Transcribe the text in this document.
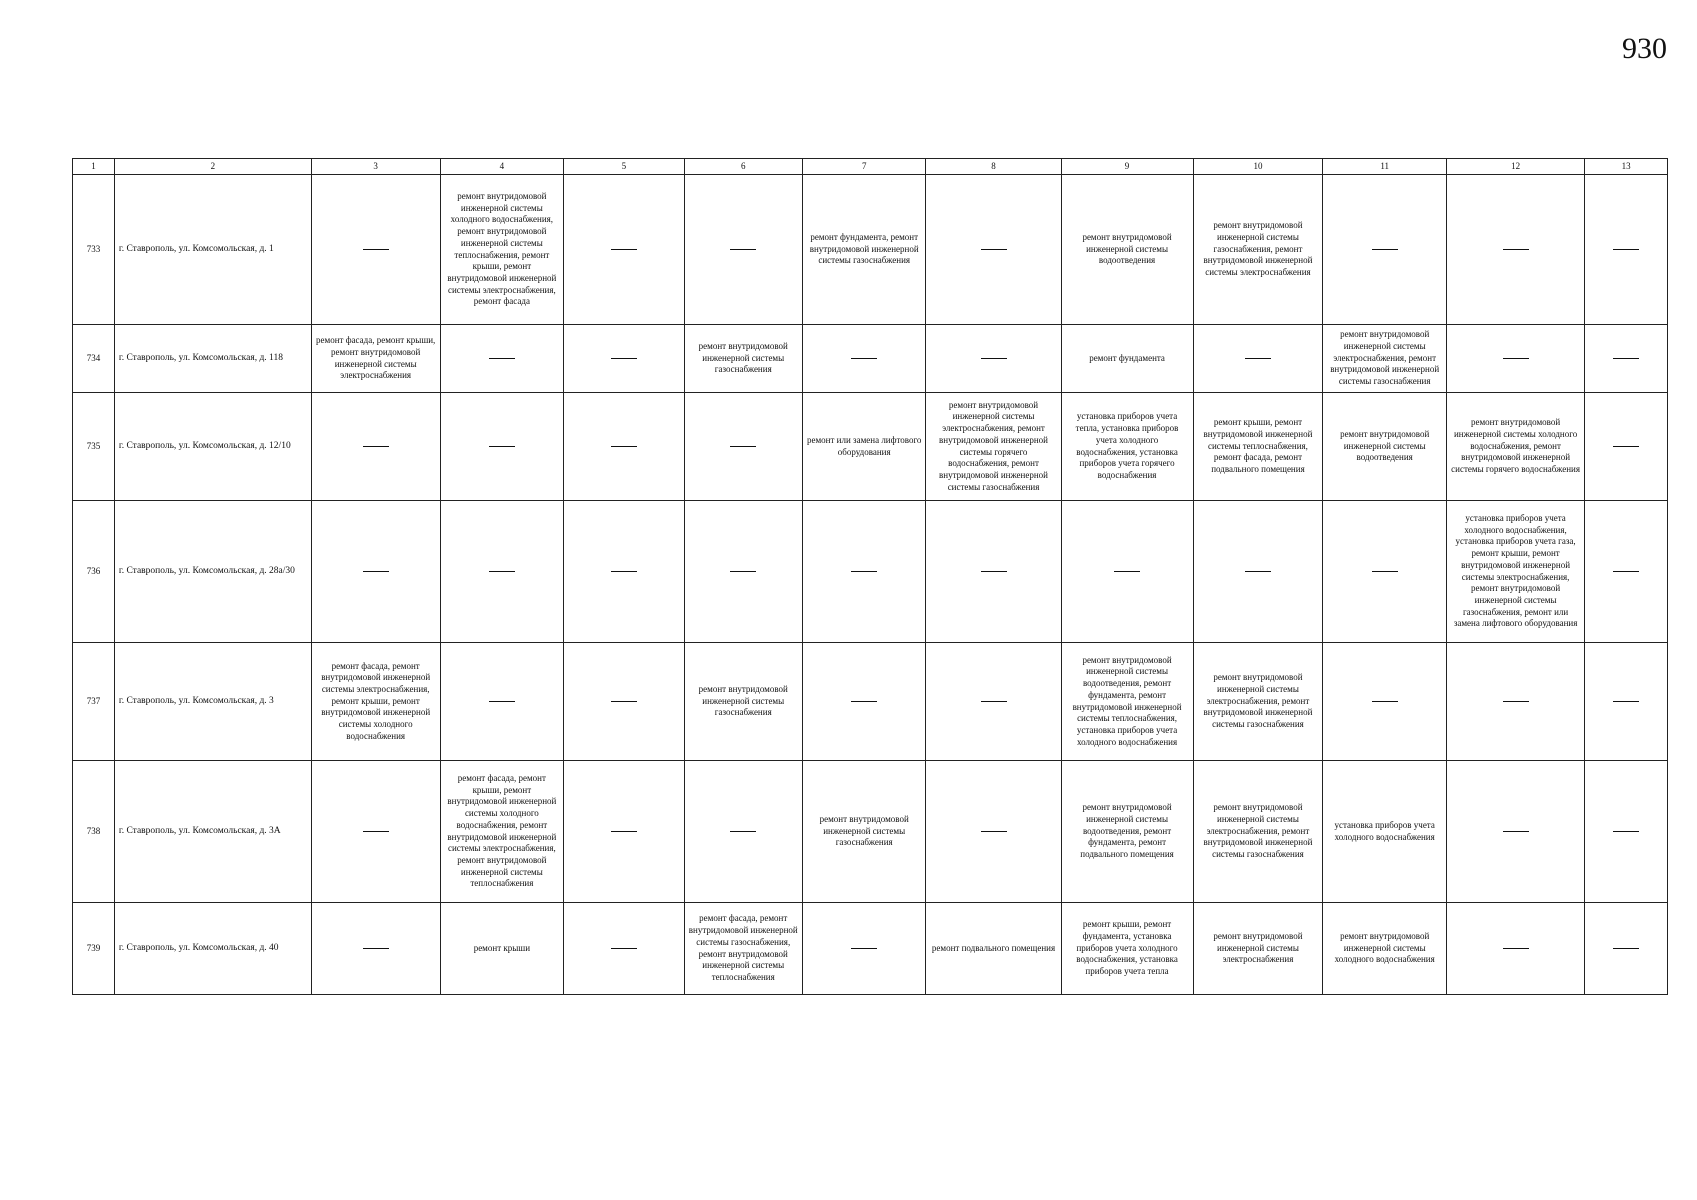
930
1	2	3	4	5	6	7	8	9	10	11	12	13
733	г. Ставрополь, ул. Комсомольская, д. 1		ремонт внутридомовой инженерной системы холодного водоснабжения, ремонт внутридомовой инженерной системы теплоснабжения, ремонт крыши, ремонт внутридомовой инженерной системы электроснабжения, ремонт фасада			ремонт фундамента, ремонт внутридомовой инженерной системы газоснабжения		ремонт внутридомовой инженерной системы водоотведения	ремонт внутридомовой инженерной системы газоснабжения, ремонт внутридомовой инженерной системы электроснабжения			

734	г. Ставрополь, ул. Комсомольская, д. 118	ремонт фасада, ремонт крыши, ремонт внутридомовой инженерной системы электроснабжения			ремонт внутридомовой инженерной системы газоснабжения			ремонт фундамента		ремонт внутридомовой инженерной системы электроснабжения, ремонт внутридомовой инженерной системы газоснабжения		

735	г. Ставрополь, ул. Комсомольская, д. 12/10					ремонт или замена лифтового оборудования	ремонт внутридомовой инженерной системы электроснабжения, ремонт внутридомовой инженерной системы горячего водоснабжения, ремонт внутридомовой инженерной системы газоснабжения	установка приборов учета тепла, установка приборов учета холодного водоснабжения, установка приборов учета горячего водоснабжения	ремонт крыши, ремонт внутридомовой инженерной системы теплоснабжения, ремонт фасада, ремонт подвального помещения	ремонт внутридомовой инженерной системы водоотведения	ремонт внутридомовой инженерной системы холодного водоснабжения, ремонт внутридомовой инженерной системы горячего водоснабжения	

736	г. Ставрополь, ул. Комсомольская, д. 28а/30										установка приборов учета холодного водоснабжения, установка приборов учета газа, ремонт крыши, ремонт внутридомовой инженерной системы электроснабжения, ремонт внутридомовой инженерной системы газоснабжения, ремонт или замена лифтового оборудования	

737	г. Ставрополь, ул. Комсомольская, д. 3	ремонт фасада, ремонт внутридомовой инженерной системы электроснабжения, ремонт крыши, ремонт внутридомовой инженерной системы холодного водоснабжения			ремонт внутридомовой инженерной системы газоснабжения			ремонт внутридомовой инженерной системы водоотведения, ремонт фундамента, ремонт внутридомовой инженерной системы теплоснабжения, установка приборов учета холодного водоснабжения	ремонт внутридомовой инженерной системы электроснабжения, ремонт внутридомовой инженерной системы газоснабжения			

738	г. Ставрополь, ул. Комсомольская, д. 3А		ремонт фасада, ремонт крыши, ремонт внутридомовой инженерной системы холодного водоснабжения, ремонт внутридомовой инженерной системы электроснабжения, ремонт внутридомовой инженерной системы теплоснабжения			ремонт внутридомовой инженерной системы газоснабжения		ремонт внутридомовой инженерной системы водоотведения, ремонт фундамента, ремонт подвального помещения	ремонт внутридомовой инженерной системы электроснабжения, ремонт внутридомовой инженерной системы газоснабжения	установка приборов учета холодного водоснабжения		

739	г. Ставрополь, ул. Комсомольская, д. 40		ремонт крыши		ремонт фасада, ремонт внутридомовой инженерной системы газоснабжения, ремонт внутридомовой инженерной системы теплоснабжения		ремонт подвального помещения	ремонт крыши, ремонт фундамента, установка приборов учета холодного водоснабжения, установка приборов учета тепла	ремонт внутридомовой инженерной системы электроснабжения	ремонт внутридомовой инженерной системы холодного водоснабжения		
